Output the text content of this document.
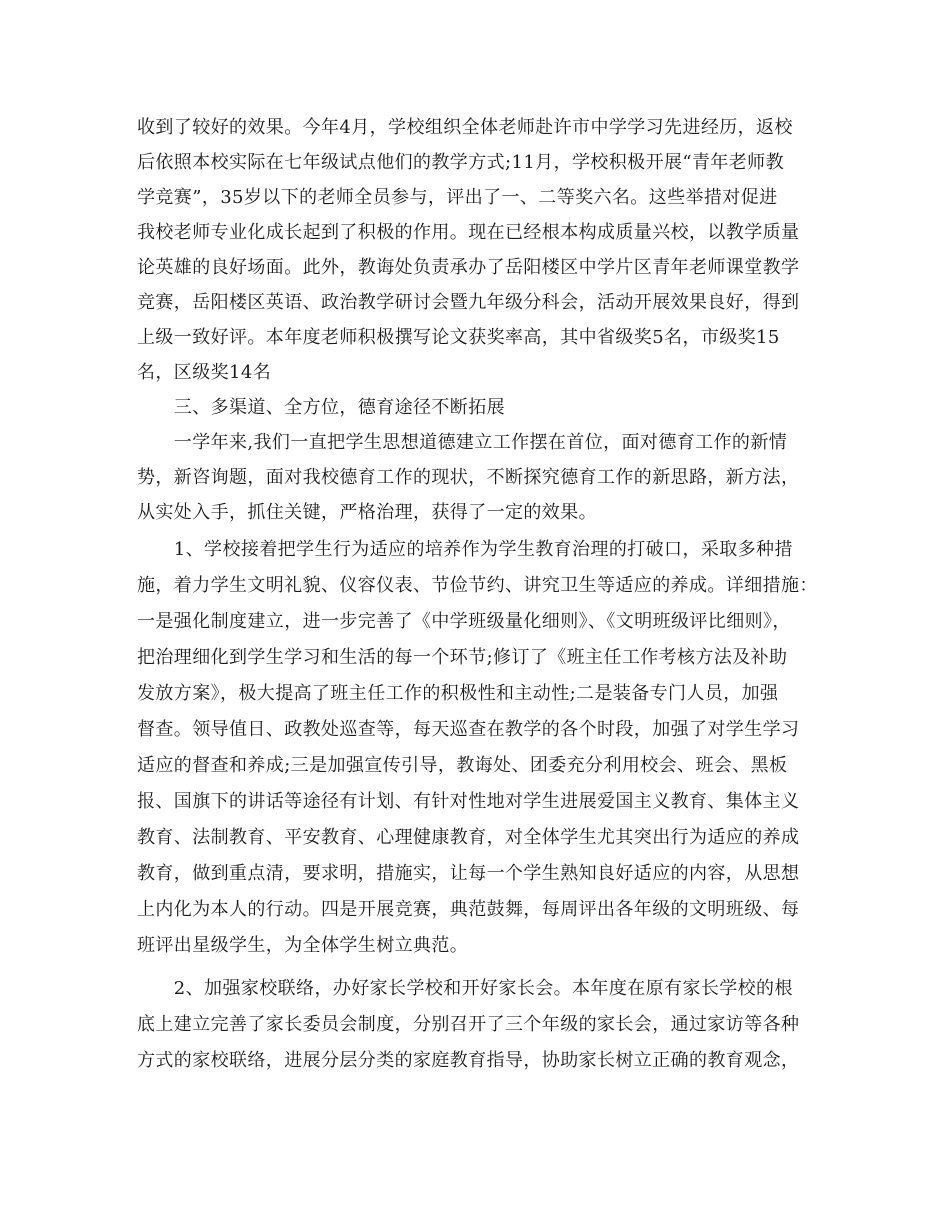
收到了较好的效果。今年4月，学校组织全体老师赴许市中学学习先进经历，返校
后依照本校实际在七年级试点他们的教学方式;11月，学校积极开展“青年老师教
学竞赛”，35岁以下的老师全员参与，评出了一、二等奖六名。这些举措对促进
我校老师专业化成长起到了积极的作用。现在已经根本构成质量兴校，以教学质量
论英雄的良好场面。此外，教诲处负责承办了岳阳楼区中学片区青年老师课堂教学
竞赛，岳阳楼区英语、政治教学研讨会暨九年级分科会，活动开展效果良好，得到
上级一致好评。本年度老师积极撰写论文获奖率高，其中省级奖5名，市级奖15
名，区级奖14名
　　三、多渠道、全方位，德育途径不断拓展
　　一学年来,我们一直把学生思想道德建立工作摆在首位，面对德育工作的新情
势，新咨询题，面对我校德育工作的现状，不断探究德育工作的新思路，新方法，
从实处入手，抓住关键，严格治理，获得了一定的效果。
　　1、学校接着把学生行为适应的培养作为学生教育治理的打破口，采取多种措
施，着力学生文明礼貌、仪容仪表、节俭节约、讲究卫生等适应的养成。详细措施：
一是强化制度建立，进一步完善了《中学班级量化细则》、《文明班级评比细则》，
把治理细化到学生学习和生活的每一个环节;修订了《班主任工作考核方法及补助
发放方案》，极大提高了班主任工作的积极性和主动性;二是装备专门人员，加强
督查。领导值日、政教处巡查等，每天巡查在教学的各个时段，加强了对学生学习
适应的督查和养成;三是加强宣传引导，教诲处、团委充分利用校会、班会、黑板
报、国旗下的讲话等途径有计划、有针对性地对学生进展爱国主义教育、集体主义
教育、法制教育、平安教育、心理健康教育，对全体学生尤其突出行为适应的养成
教育，做到重点清，要求明，措施实，让每一个学生熟知良好适应的内容，从思想
上内化为本人的行动。四是开展竞赛，典范鼓舞，每周评出各年级的文明班级、每
班评出星级学生，为全体学生树立典范。
　　2、加强家校联络，办好家长学校和开好家长会。本年度在原有家长学校的根
底上建立完善了家长委员会制度，分别召开了三个年级的家长会，通过家访等各种
方式的家校联络，进展分层分类的家庭教育指导，协助家长树立正确的教育观念，
